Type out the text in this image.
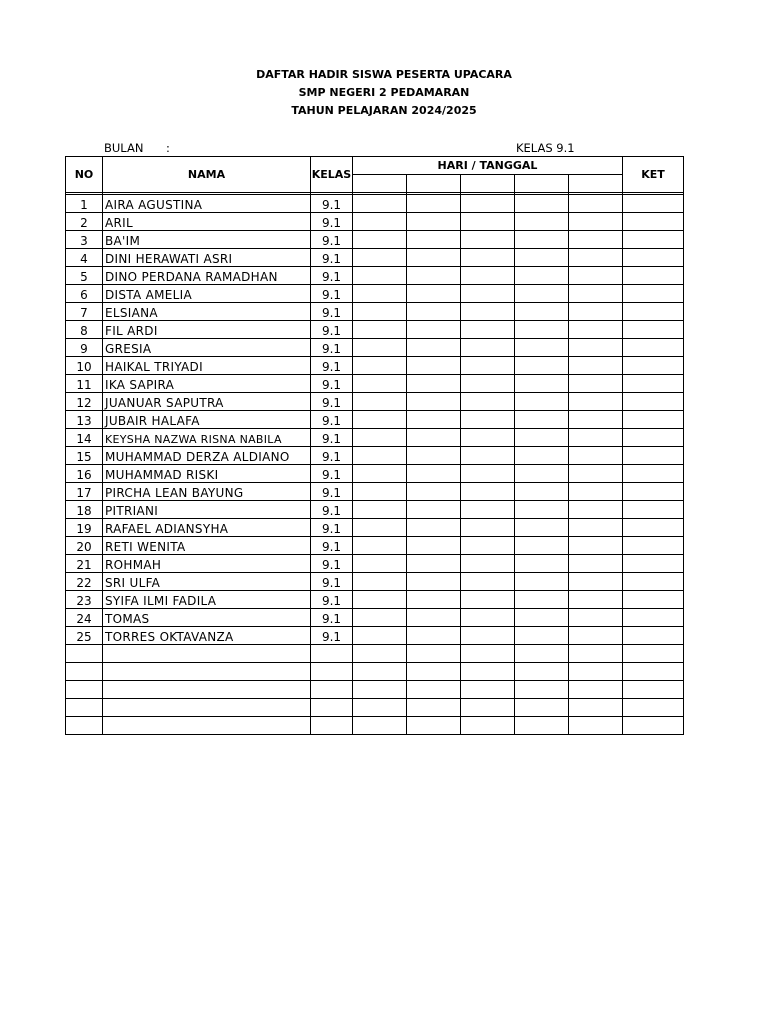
DAFTAR HADIR SISWA PESERTA UPACARA
SMP NEGERI 2 PEDAMARAN
TAHUN PELAJARAN 2024/2025
BULAN :	KELAS 9.1
NO	NAMA	KELAS	HARI / TANGGAL					KET

1	AIRA AGUSTINA	9.1						
2	ARIL	9.1						
3	BA'IM	9.1						
4	DINI HERAWATI ASRI	9.1						
5	DINO PERDANA RAMADHAN	9.1						
6	DISTA AMELIA	9.1						
7	ELSIANA	9.1						
8	FIL ARDI	9.1						
9	GRESIA	9.1						
10	HAIKAL TRIYADI	9.1						
11	IKA SAPIRA	9.1						
12	JUANUAR SAPUTRA	9.1						
13	JUBAIR HALAFA	9.1						
14	KEYSHA NAZWA RISNA NABILA	9.1						
15	MUHAMMAD DERZA ALDIANO	9.1						
16	MUHAMMAD RISKI	9.1						
17	PIRCHA LEAN BAYUNG	9.1						
18	PITRIANI	9.1						
19	RAFAEL ADIANSYHA	9.1						
20	RETI WENITA	9.1						
21	ROHMAH	9.1						
22	SRI ULFA	9.1						
23	SYIFA ILMI FADILA	9.1						
24	TOMAS	9.1						
25	TORRES OKTAVANZA	9.1						
